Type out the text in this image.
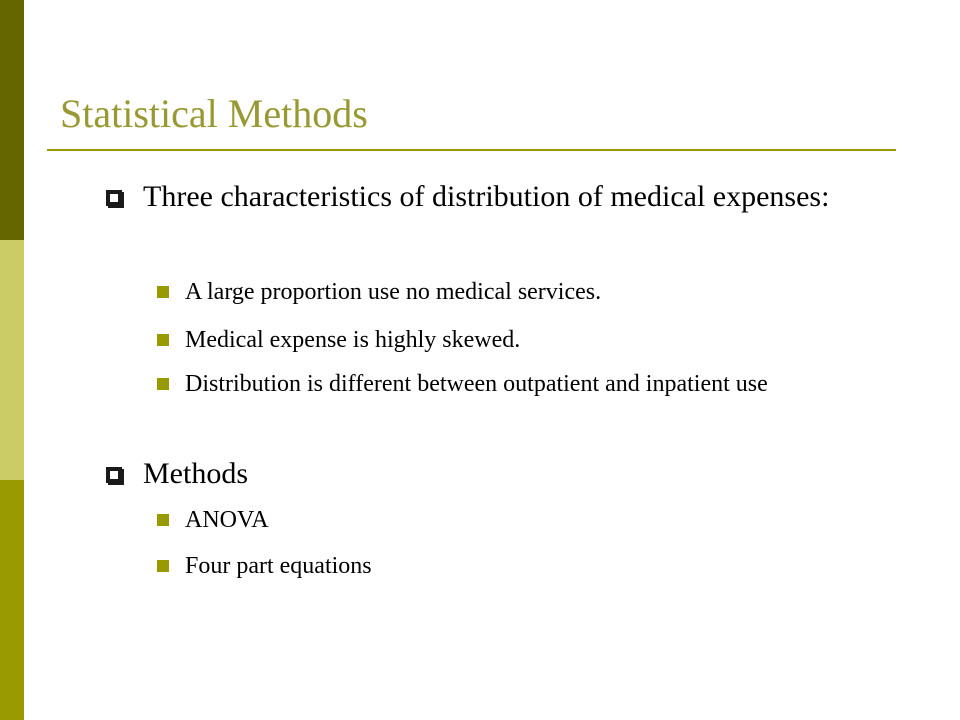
Statistical Methods
Three characteristics of distribution of medical expenses:
A large proportion use no medical services.
Medical expense is highly skewed.
Distribution is different between outpatient and inpatient use
Methods
ANOVA
Four part equations
